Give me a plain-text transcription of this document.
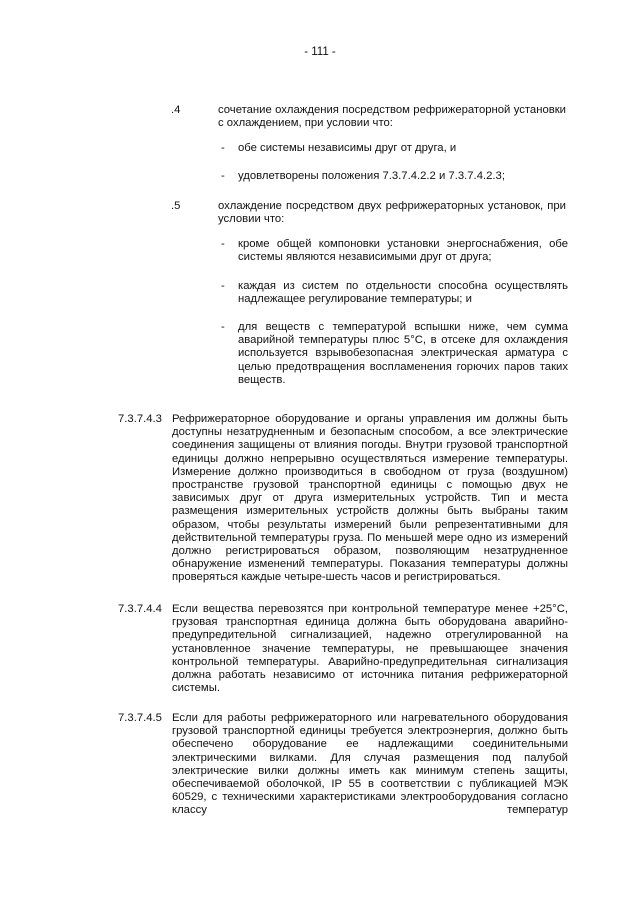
- 111 -
.4	сочетание охлаждения посредством рефрижераторной установки с охлаждением, при условии что:

- обе системы независимы друг от друга, и

- удовлетворены положения 7.3.7.4.2.2 и 7.3.7.4.2.3;

.5	охлаждение посредством двух рефрижераторных установок, при условии что:

- кроме общей компоновки установки энергоснабжения, обе системы являются независимыми друг от друга;

- каждая из систем по отдельности способна осуществлять надлежащее регулирование температуры; и

- для веществ с температурой вспышки ниже, чем сумма аварийной температуры плюс 5°C, в отсеке для охлаждения используется взрывобезопасная электрическая арматура с целью предотвращения воспламенения горючих паров таких веществ.

7.3.7.4.3 Рефрижераторное оборудование и органы управления им должны быть доступны незатрудненным и безопасным способом, а все электрические соединения защищены от влияния погоды. Внутри грузовой транспортной единицы должно непрерывно осуществляться измерение температуры. Измерение должно производиться в свободном от груза (воздушном) пространстве грузовой транспортной единицы с помощью двух не зависимых друг от друга измерительных устройств. Тип и места размещения измерительных устройств должны быть выбраны таким образом, чтобы результаты измерений были репрезентативными для действительной температуры груза. По меньшей мере одно из измерений должно регистрироваться образом, позволяющим незатрудненное обнаружение изменений температуры. Показания температуры должны проверяться каждые четыре-шесть часов и регистрироваться.

7.3.7.4.4 Если вещества перевозятся при контрольной температуре менее +25°C, грузовая транспортная единица должна быть оборудована аварийно-предупредительной сигнализацией, надежно отрегулированной на установленное значение температуры, не превышающее значения контрольной температуры. Аварийно-предупредительная сигнализация должна работать независимо от источника питания рефрижераторной системы.

7.3.7.4.5 Если для работы рефрижераторного или нагревательного оборудования грузовой транспортной единицы требуется электроэнергия, должно быть обеспечено оборудование ее надлежащими соединительными электрическими вилками. Для случая размещения под палубой электрические вилки должны иметь как минимум степень защиты, обеспечиваемой оболочкой, IP 55 в соответствии с публикацией МЭК 60529, с техническими характеристиками электрооборудования согласно классу температур
